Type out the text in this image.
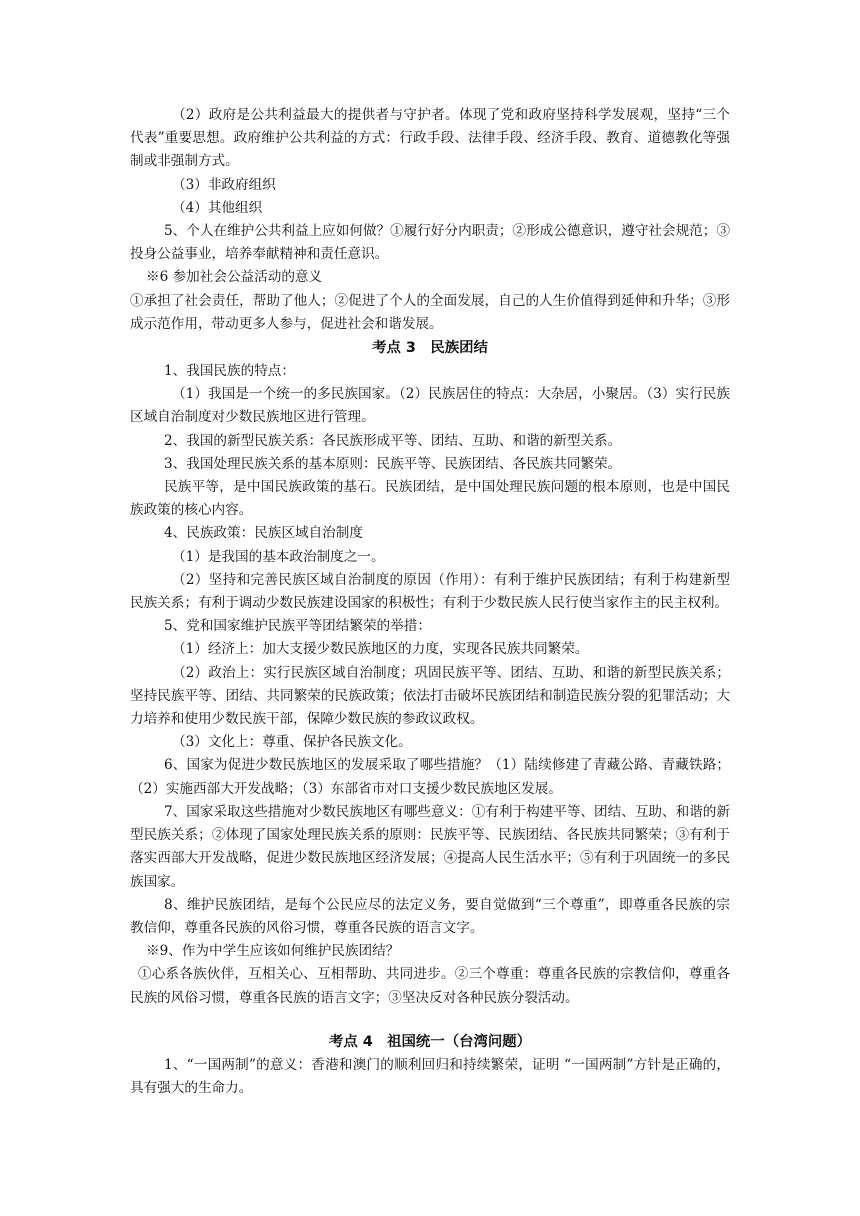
（2）政府是公共利益最大的提供者与守护者。体现了党和政府坚持科学发展观，坚持“三个代表”重要思想。政府维护公共利益的方式：行政手段、法律手段、经济手段、教育、道德教化等强制或非强制方式。

（3）非政府组织

（4）其他组织

5、个人在维护公共利益上应如何做？①履行好分内职责；②形成公德意识，遵守社会规范；③投身公益事业，培养奉献精神和责任意识。

※6 参加社会公益活动的意义

①承担了社会责任，帮助了他人；②促进了个人的全面发展，自己的人生价值得到延伸和升华；③形成示范作用，带动更多人参与，促进社会和谐发展。

考点 3　民族团结

1、我国民族的特点：

（1）我国是一个统一的多民族国家。（2）民族居住的特点：大杂居，小聚居。（3）实行民族区域自治制度对少数民族地区进行管理。

2、我国的新型民族关系：各民族形成平等、团结、互助、和谐的新型关系。

3、我国处理民族关系的基本原则：民族平等、民族团结、各民族共同繁荣。

民族平等，是中国民族政策的基石。民族团结，是中国处理民族问题的根本原则，也是中国民族政策的核心内容。

4、民族政策：民族区域自治制度

（1）是我国的基本政治制度之一。

（2）坚持和完善民族区域自治制度的原因（作用）：有利于维护民族团结；有利于构建新型民族关系；有利于调动少数民族建设国家的积极性；有利于少数民族人民行使当家作主的民主权利。

5、党和国家维护民族平等团结繁荣的举措：

（1）经济上：加大支援少数民族地区的力度，实现各民族共同繁荣。

（2）政治上：实行民族区域自治制度；巩固民族平等、团结、互助、和谐的新型民族关系；坚持民族平等、团结、共同繁荣的民族政策；依法打击破坏民族团结和制造民族分裂的犯罪活动；大力培养和使用少数民族干部，保障少数民族的参政议政权。

（3）文化上：尊重、保护各民族文化。

6、国家为促进少数民族地区的发展采取了哪些措施？（1）陆续修建了青藏公路、青藏铁路；（2）实施西部大开发战略；（3）东部省市对口支援少数民族地区发展。

7、国家采取这些措施对少数民族地区有哪些意义：①有利于构建平等、团结、互助、和谐的新型民族关系；②体现了国家处理民族关系的原则：民族平等、民族团结、各民族共同繁荣；③有利于落实西部大开发战略，促进少数民族地区经济发展；④提高人民生活水平；⑤有利于巩固统一的多民族国家。

8、维护民族团结，是每个公民应尽的法定义务，要自觉做到“三个尊重”，即尊重各民族的宗教信仰，尊重各民族的风俗习惯，尊重各民族的语言文字。

※9、作为中学生应该如何维护民族团结？

①心系各族伙伴，互相关心、互相帮助、共同进步。②三个尊重：尊重各民族的宗教信仰，尊重各民族的风俗习惯，尊重各民族的语言文字；③坚决反对各种民族分裂活动。

考点 4　祖国统一（台湾问题）

1、“一国两制”的意义：香港和澳门的顺利回归和持续繁荣，证明 “一国两制”方针是正确的，具有强大的生命力。
